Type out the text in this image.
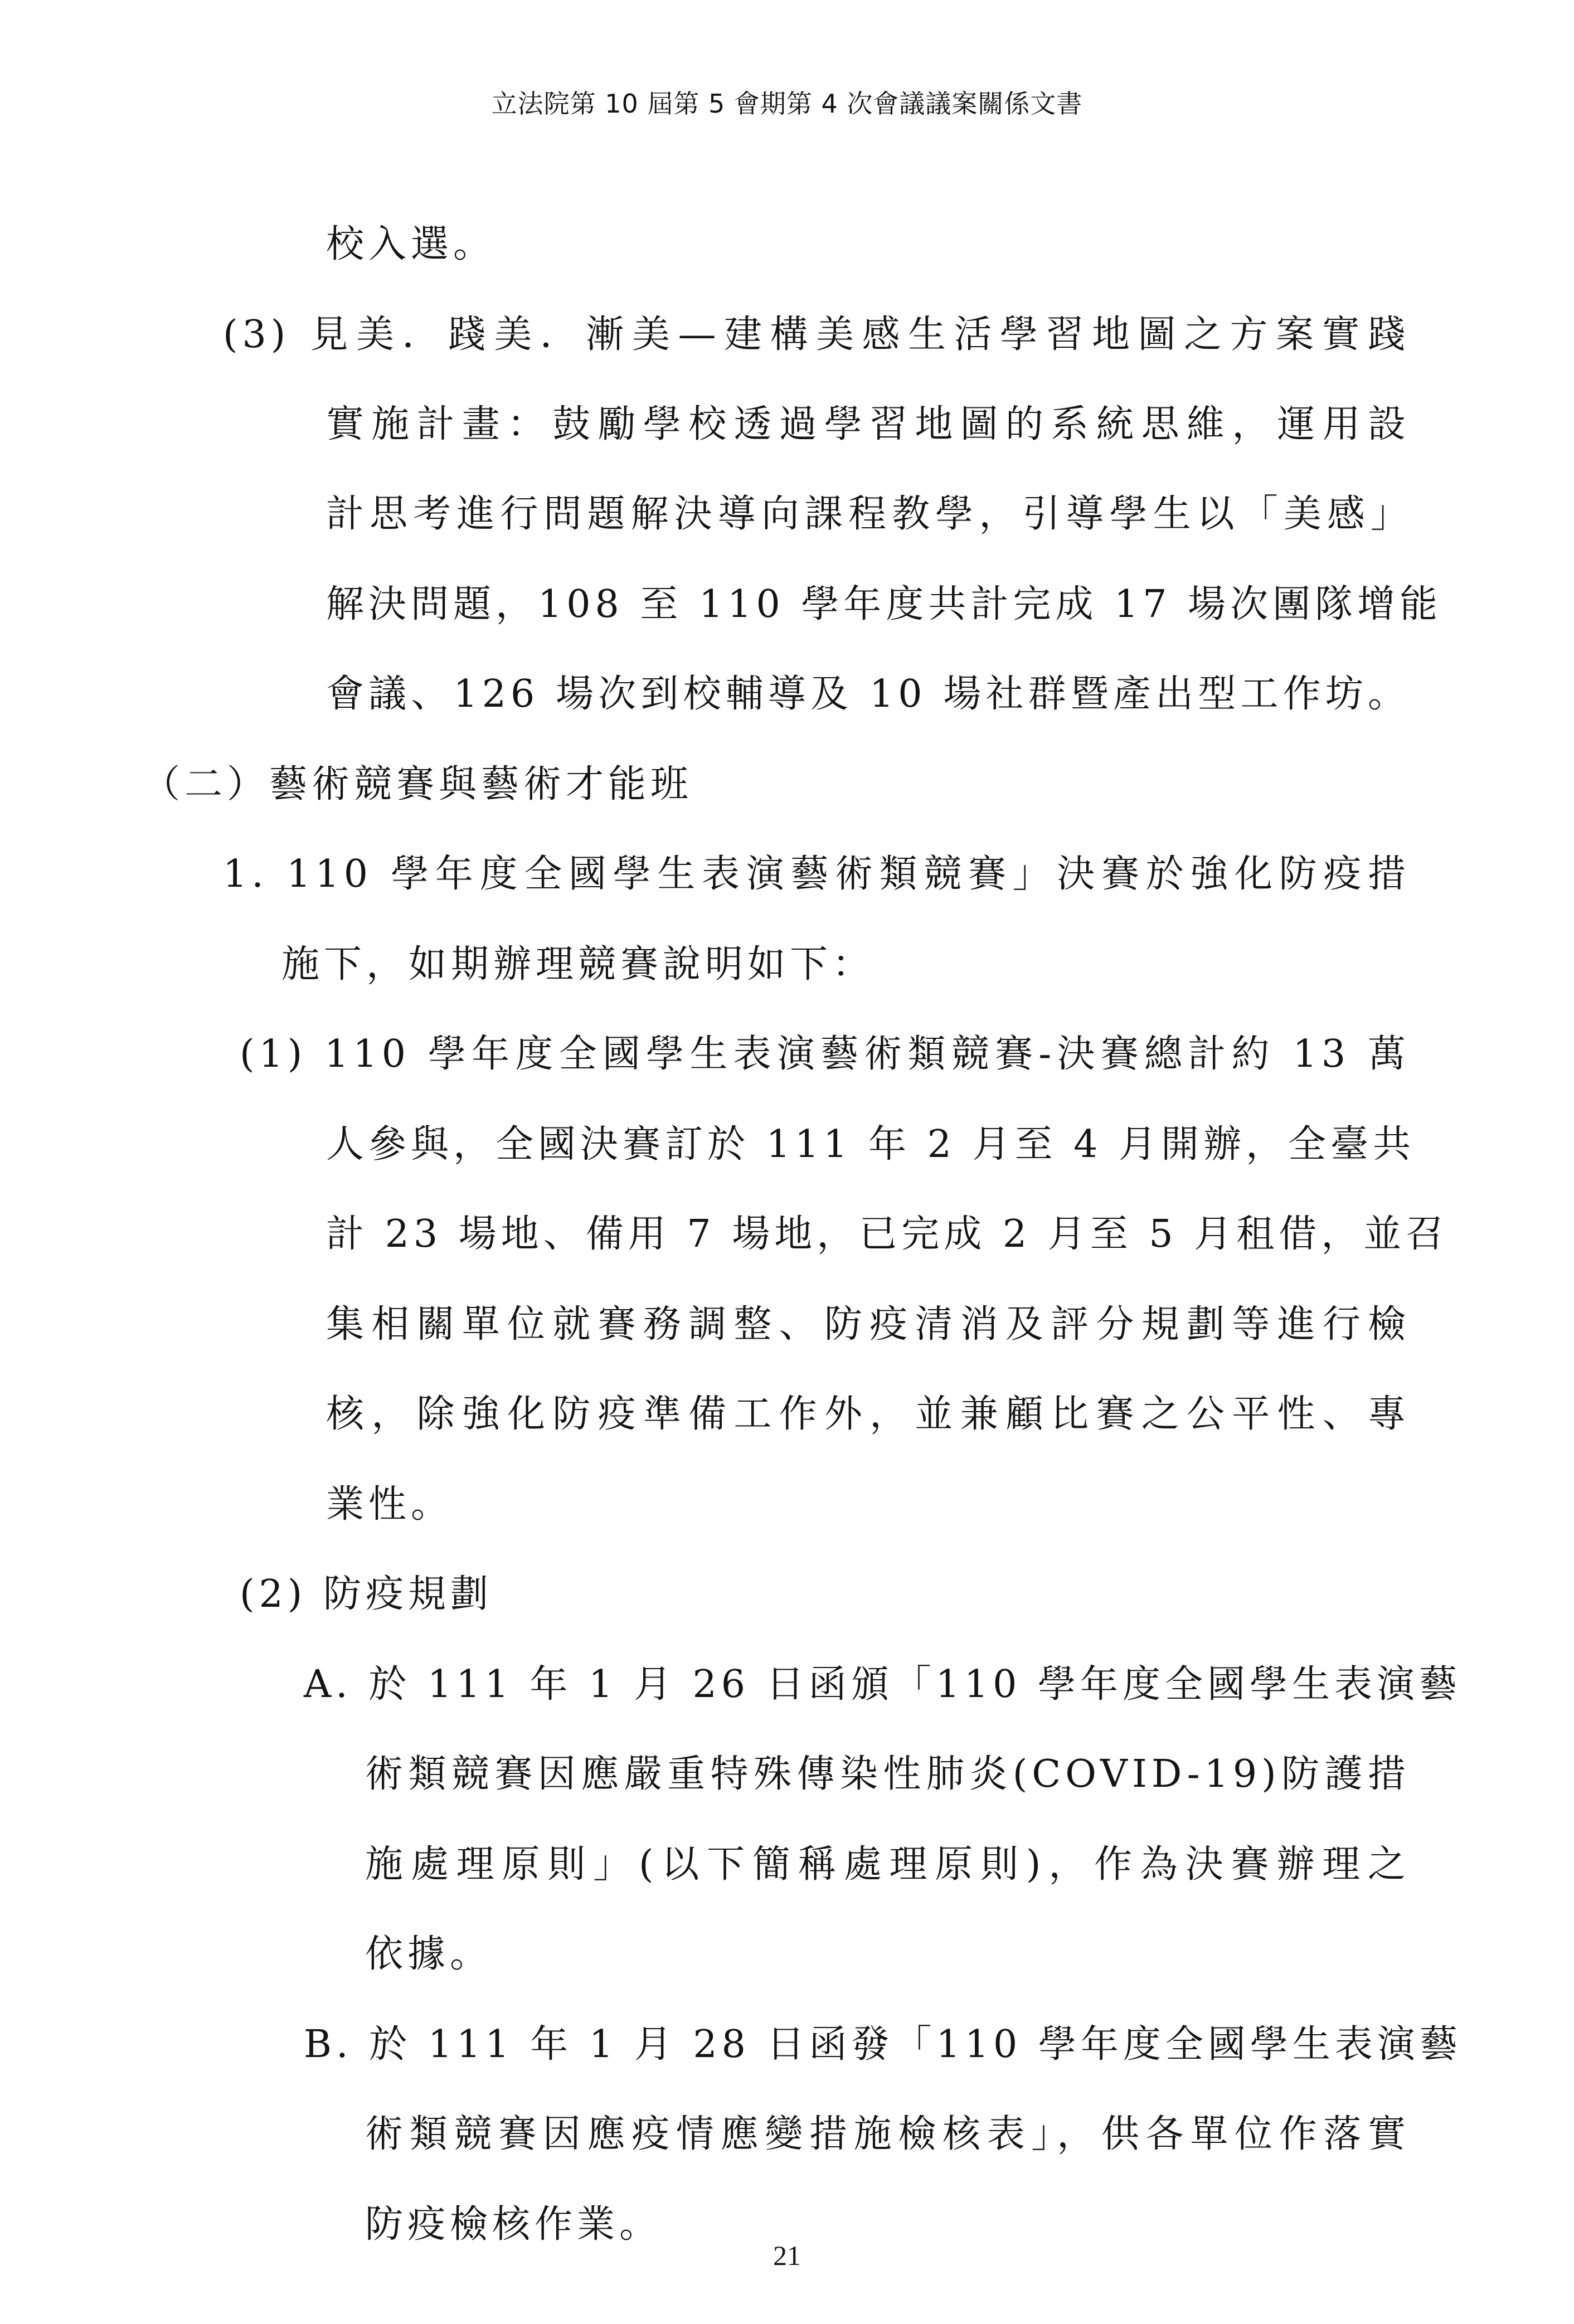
立法院第 10 屆第 5 會期第 4 次會議議案關係文書
校入選。
(3) 見美．踐美．漸美—建構美感生活學習地圖之方案實踐
實施計畫：鼓勵學校透過學習地圖的系統思維，運用設
計思考進行問題解決導向課程教學，引導學生以「美感」
解決問題，108 至 110 學年度共計完成 17 場次團隊增能
會議、126 場次到校輔導及 10 場社群暨產出型工作坊。
（二）藝術競賽與藝術才能班
1. 110 學年度全國學生表演藝術類競賽」決賽於強化防疫措
施下，如期辦理競賽說明如下：
(1) 110 學年度全國學生表演藝術類競賽-決賽總計約 13 萬
人參與，全國決賽訂於 111 年 2 月至 4 月開辦，全臺共
計 23 場地、備用 7 場地，已完成 2 月至 5 月租借，並召
集相關單位就賽務調整、防疫清消及評分規劃等進行檢
核，除強化防疫準備工作外，並兼顧比賽之公平性、專
業性。
(2) 防疫規劃
A. 於 111 年 1 月 26 日函頒「110 學年度全國學生表演藝
術類競賽因應嚴重特殊傳染性肺炎(COVID-19)防護措
施處理原則」(以下簡稱處理原則)，作為決賽辦理之
依據。
B. 於 111 年 1 月 28 日函發「110 學年度全國學生表演藝
術類競賽因應疫情應變措施檢核表」，供各單位作落實
防疫檢核作業。
21
